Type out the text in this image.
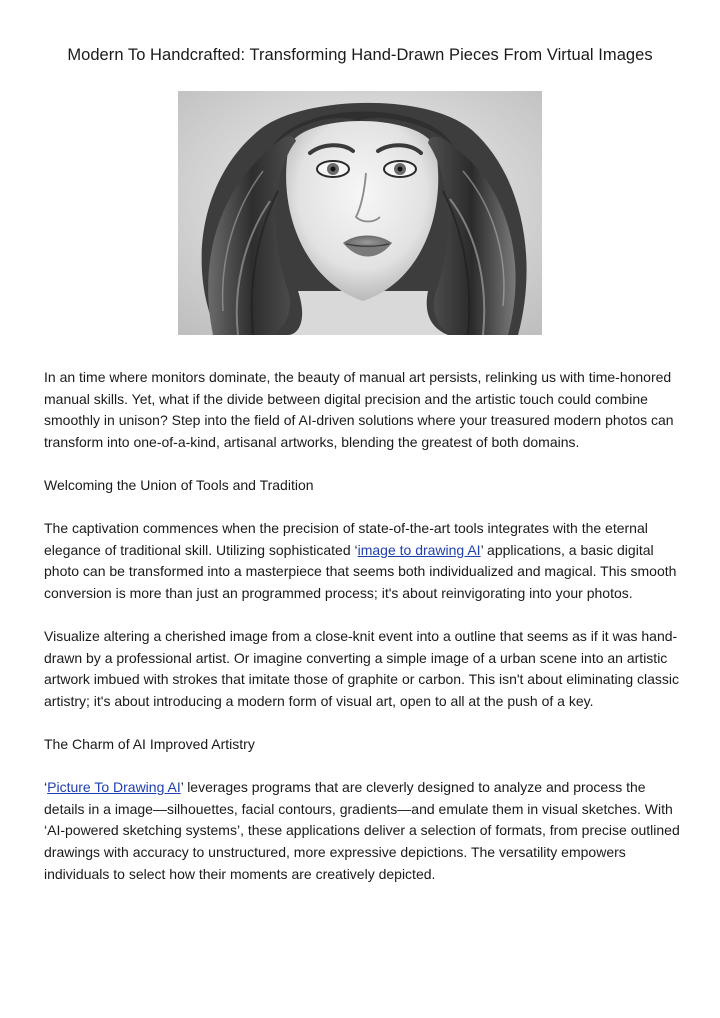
Modern To Handcrafted: Transforming Hand-Drawn Pieces From Virtual Images

In an time where monitors dominate, the beauty of manual art persists, relinking us with time-honored manual skills. Yet, what if the divide between digital precision and the artistic touch could combine smoothly in unison? Step into the field of AI-driven solutions where your treasured modern photos can transform into one-of-a-kind, artisanal artworks, blending the greatest of both domains.

Welcoming the Union of Tools and Tradition

The captivation commences when the precision of state-of-the-art tools integrates with the eternal elegance of traditional skill. Utilizing sophisticated ‘image to drawing AI’ applications, a basic digital photo can be transformed into a masterpiece that seems both individualized and magical. This smooth conversion is more than just an programmed process; it's about reinvigorating into your photos.

Visualize altering a cherished image from a close-knit event into a outline that seems as if it was hand-drawn by a professional artist. Or imagine converting a simple image of a urban scene into an artistic artwork imbued with strokes that imitate those of graphite or carbon. This isn't about eliminating classic artistry; it's about introducing a modern form of visual art, open to all at the push of a key.

The Charm of AI Improved Artistry

‘Picture To Drawing AI’ leverages programs that are cleverly designed to analyze and process the details in a image—silhouettes, facial contours, gradients—and emulate them in visual sketches. With ‘AI-powered sketching systems’, these applications deliver a selection of formats, from precise outlined drawings with accuracy to unstructured, more expressive depictions. The versatility empowers individuals to select how their moments are creatively depicted.
